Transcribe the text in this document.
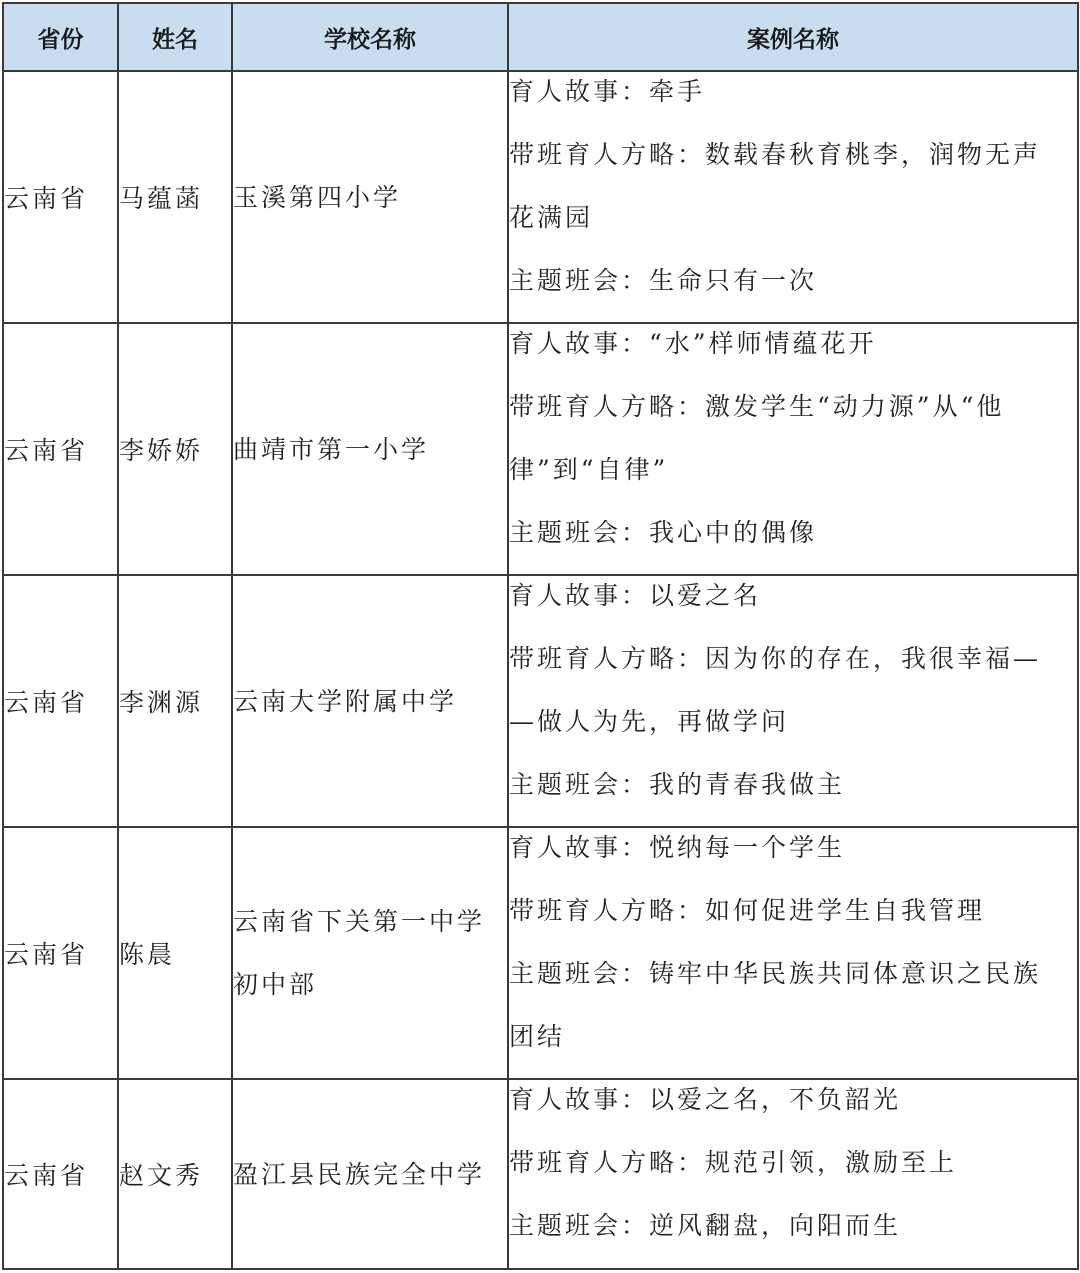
省份	姓名	学校名称	案例名称
云南省	马蕴菡	玉溪第四小学	育人故事：牵手
带班育人方略：数载春秋育桃李，润物无声
花满园
主题班会：生命只有一次

云南省	李娇娇	曲靖市第一小学	育人故事：“水”样师情蕴花开
带班育人方略：激发学生“动力源”从“他
律”到“自律”
主题班会：我心中的偶像

云南省	李渊源	云南大学附属中学	育人故事：以爱之名
带班育人方略：因为你的存在，我很幸福—
—做人为先，再做学问
主题班会：我的青春我做主

云南省	陈晨	云南省下关第一中学初中部	育人故事：悦纳每一个学生
带班育人方略：如何促进学生自我管理
主题班会：铸牢中华民族共同体意识之民族
团结

云南省	赵文秀	盈江县民族完全中学	育人故事：以爱之名，不负韶光
带班育人方略：规范引领，激励至上
主题班会：逆风翻盘，向阳而生
